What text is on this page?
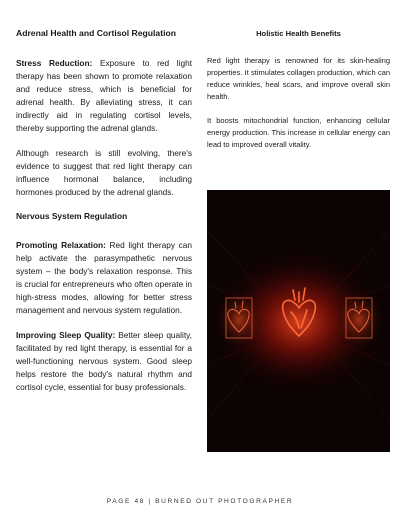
Adrenal Health and Cortisol Regulation

Stress Reduction: Exposure to red light therapy has been shown to promote relaxation and reduce stress, which is beneficial for adrenal health. By alleviating stress, it can indirectly aid in regulating cortisol levels, thereby supporting the adrenal glands.

Although research is still evolving, there's evidence to suggest that red light therapy can influence hormonal balance, including hormones produced by the adrenal glands.

Nervous System Regulation

Promoting Relaxation: Red light therapy can help activate the parasympathetic nervous system – the body's relaxation response. This is crucial for entrepreneurs who often operate in high-stress modes, allowing for better stress management and nervous system regulation.

Improving Sleep Quality: Better sleep quality, facilitated by red light therapy, is essential for a well-functioning nervous system. Good sleep helps restore the body's natural rhythm and cortisol cycle, essential for busy professionals.

Holistic Health Benefits

Red light therapy is renowned for its skin-healing properties. It stimulates collagen production, which can reduce wrinkles, heal scars, and improve overall skin health.

It boosts mitochondrial function, enhancing cellular energy production. This increase in cellular energy can lead to improved overall vitality.

PAGE 48 | BURNED OUT PHOTOGRAPHER
